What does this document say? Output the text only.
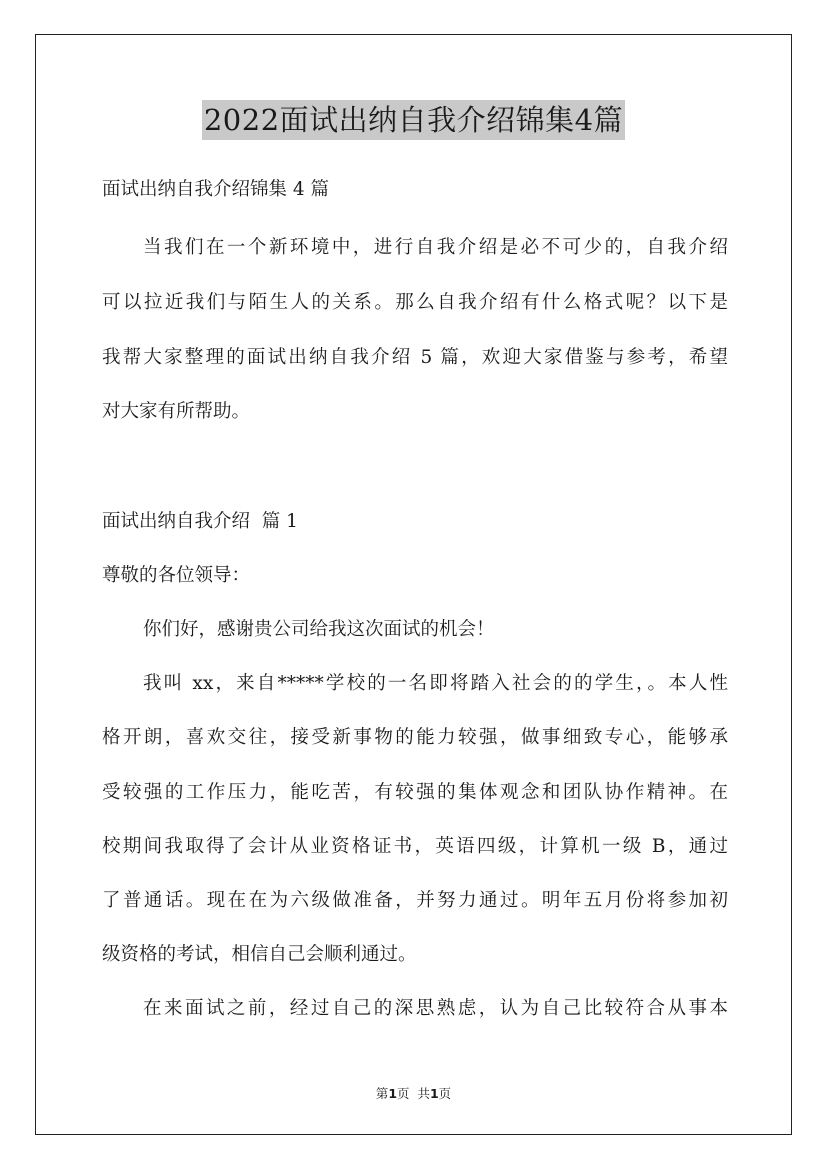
2022面试出纳自我介绍锦集4篇
面试出纳自我介绍锦集 4 篇
当我们在一个新环境中，进行自我介绍是必不可少的，自我介绍
可以拉近我们与陌生人的关系。那么自我介绍有什么格式呢？以下是
我帮大家整理的面试出纳自我介绍 5 篇，欢迎大家借鉴与参考，希望
对大家有所帮助。
面试出纳自我介绍  篇 1
尊敬的各位领导：
你们好，感谢贵公司给我这次面试的机会！
我叫 xx，来自*****学校的一名即将踏入社会的的学生，。本人性
格开朗，喜欢交往，接受新事物的能力较强，做事细致专心，能够承
受较强的工作压力，能吃苦，有较强的集体观念和团队协作精神。在
校期间我取得了会计从业资格证书，英语四级，计算机一级 B，通过
了普通话。现在在为六级做准备，并努力通过。明年五月份将参加初
级资格的考试，相信自己会顺利通过。
在来面试之前，经过自己的深思熟虑，认为自己比较符合从事本
第1页  共1页
